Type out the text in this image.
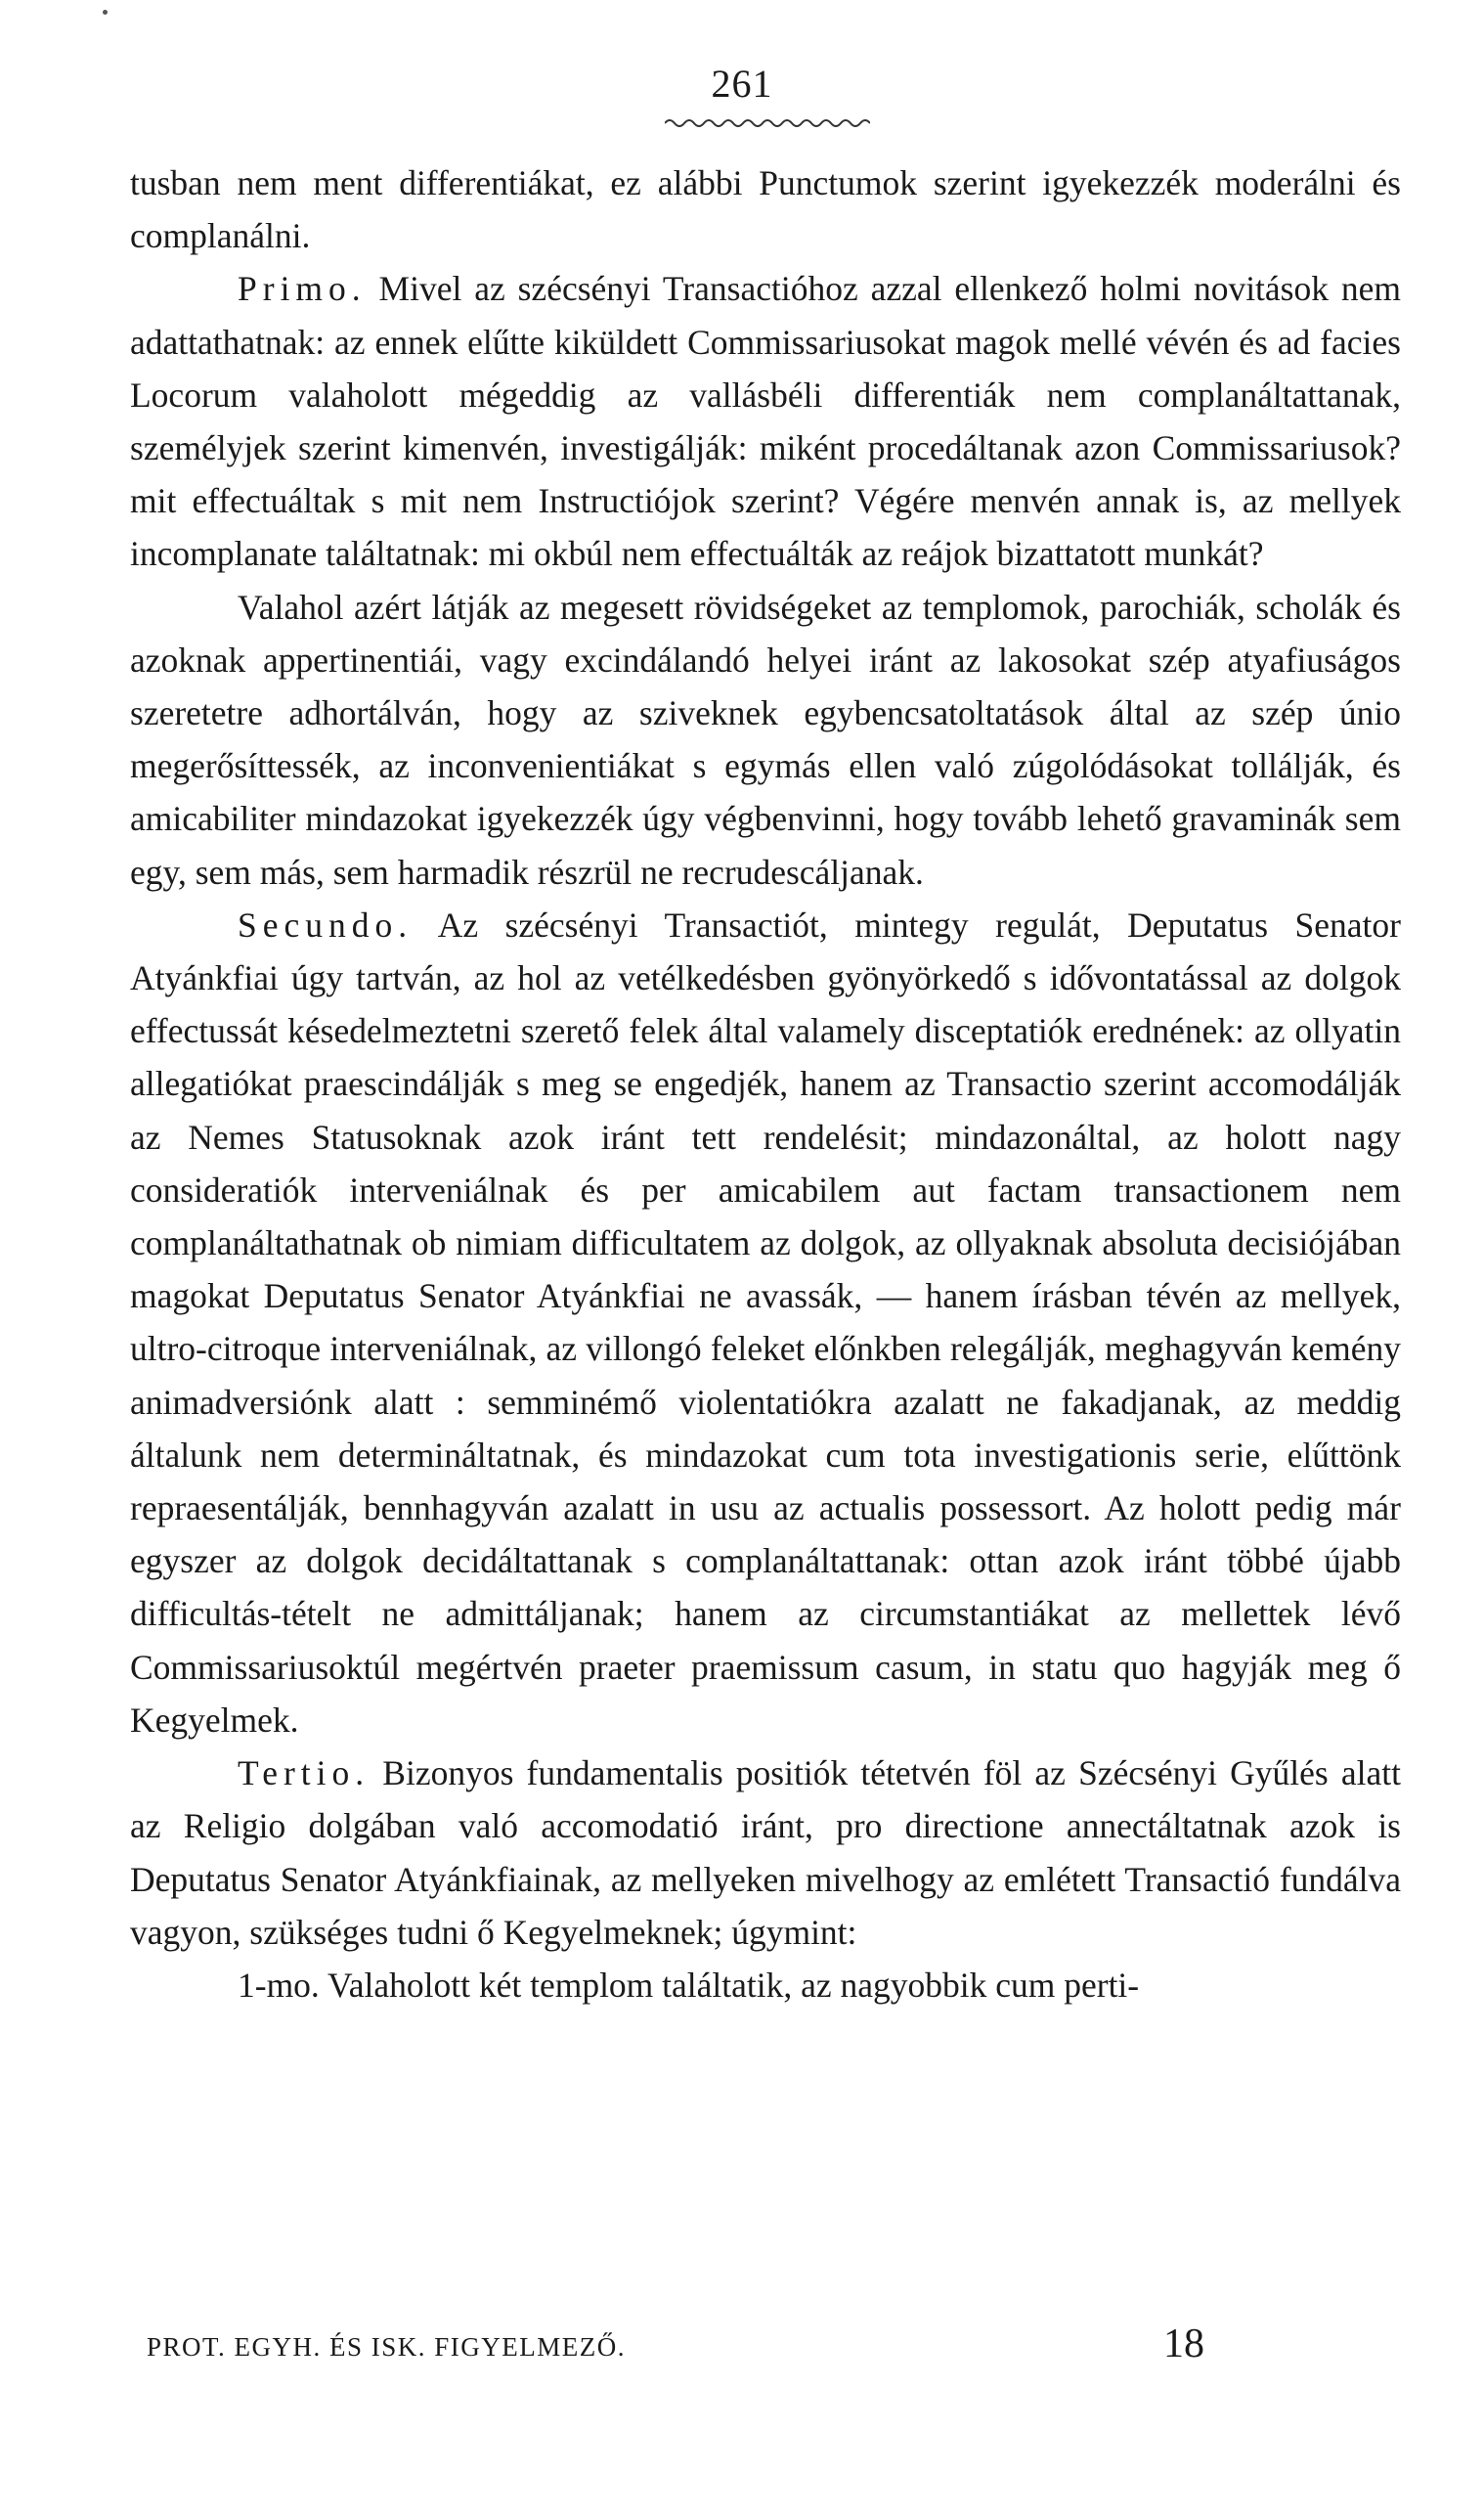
261

tusban nem ment differentiákat, ez alábbi Punctumok szerint igyekezzék moderálni és complanálni.

Primo. Mivel az szécsényi Transactióhoz azzal ellenkező holmi novitások nem adattathatnak: az ennek elűtte kiküldett Commissariusokat magok mellé vévén és ad facies Locorum valaholott mégeddig az vallásbéli differentiák nem complanáltattanak, személyjek szerint kimenvén, investigálják: miként procedáltanak azon Commissariusok? mit effectuáltak s mit nem Instructiójok szerint? Végére menvén annak is, az mellyek incomplanate találtatnak: mi okbúl nem effectuálták az reájok bizattatott munkát?

Valahol azért látják az megesett rövidségeket az templomok, parochiák, scholák és azoknak appertinentiái, vagy excindálandó helyei iránt az lakosokat szép atyafiuságos szeretetre adhortálván, hogy az sziveknek egybencsatoltatások által az szép únio megerősíttessék, az inconvenientiákat s egymás ellen való zúgolódásokat tollálják, és amicabiliter mindazokat igyekezzék úgy végbenvinni, hogy tovább lehető gravaminák sem egy, sem más, sem harmadik részrül ne recrudescáljanak.

Secundo. Az szécsényi Transactiót, mintegy regulát, Deputatus Senator Atyánkfiai úgy tartván, az hol az vetélkedésben gyönyörkedő s idővontatással az dolgok effectussát késedelmeztetni szerető felek által valamely disceptatiók erednének: az ollyatin allegatiókat praescindálják s meg se engedjék, hanem az Transactio szerint accomodálják az Nemes Statusoknak azok iránt tett rendelésit; mindazonáltal, az holott nagy consideratiók interveniálnak és per amicabilem aut factam transactionem nem complanáltathatnak ob nimiam difficultatem az dolgok, az ollyaknak absoluta decisiójában magokat Deputatus Senator Atyánkfiai ne avassák, — hanem írásban tévén az mellyek, ultro-citroque interveniálnak, az villongó feleket előnkben relegálják, meghagyván kemény animadversiónk alatt : semminémő violentatiókra azalatt ne fakadjanak, az meddig általunk nem determináltatnak, és mindazokat cum tota investigationis serie, elűttönk repraesentálják, bennhagyván azalatt in usu az actualis possessort. Az holott pedig már egyszer az dolgok decidáltattanak s complanáltattanak: ottan azok iránt többé újabb difficultás-tételt ne admittáljanak; hanem az circumstantiákat az mellettek lévő Commissariusoktúl megértvén praeter praemissum casum, in statu quo hagyják meg ő Kegyelmek.

Tertio. Bizonyos fundamentalis positiók tétetvén föl az Szécsényi Gyűlés alatt az Religio dolgában való accomodatió iránt, pro directione annectáltatnak azok is Deputatus Senator Atyánkfiainak, az mellyeken mivelhogy az emlétett Transactió fundálva vagyon, szükséges tudni ő Kegyelmeknek; úgymint:

1-mo. Valaholott két templom találtatik, az nagyobbik cum perti-

PROT. EGYH. ÉS ISK. FIGYELMEZŐ.	18
